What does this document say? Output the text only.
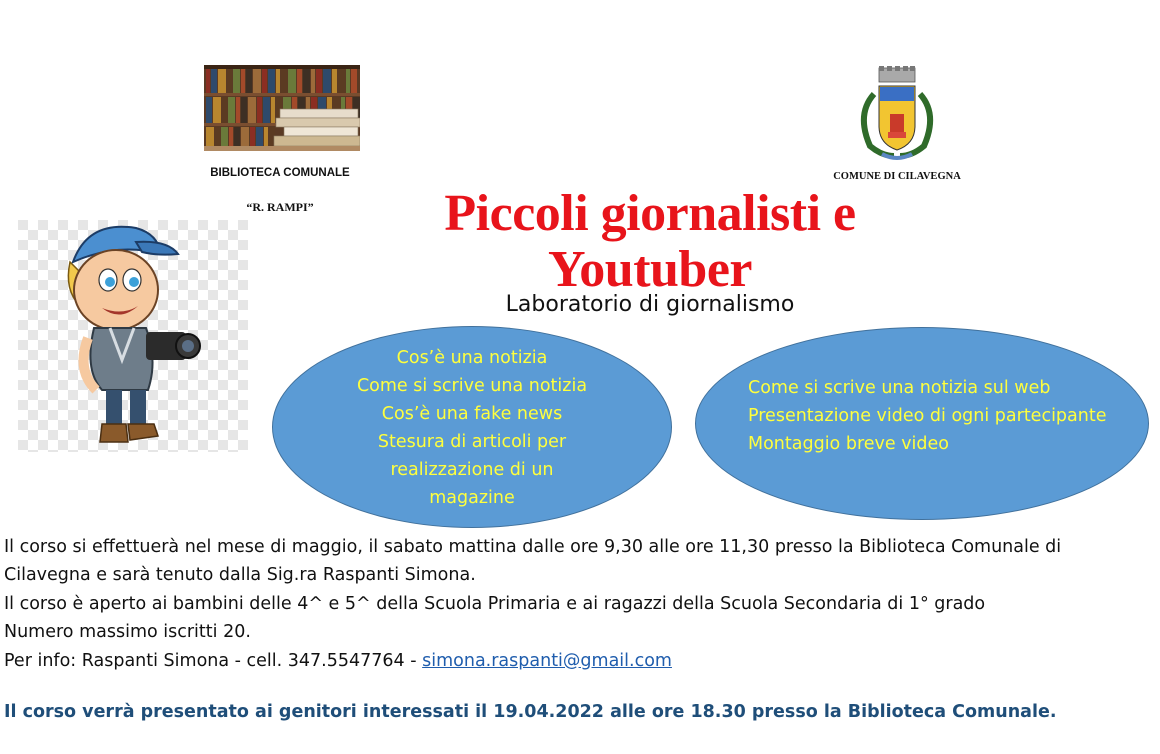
BIBLIOTECA COMUNALE
“R. RAMPI”
COMUNE DI CILAVEGNA
Piccoli giornalisti e
Youtuber
Laboratorio di giornalismo
Cos’è una notizia
Come si scrive una notizia
Cos’è una fake news
Stesura di articoli per
realizzazione di un
magazine
Come si scrive una notizia sul web
Presentazione video di ogni partecipante
Montaggio breve video

Il corso si effettuerà nel mese di maggio, il sabato mattina dalle ore 9,30 alle ore 11,30 presso la Biblioteca Comunale di

Cilavegna e sarà tenuto dalla Sig.ra Raspanti Simona.

Il corso è aperto ai bambini delle 4^ e 5^ della Scuola Primaria e ai ragazzi della Scuola Secondaria di 1° grado

Numero massimo iscritti 20.

Per info: Raspanti Simona - cell. 347.5547764 - simona.raspanti@gmail.com

Il corso verrà presentato ai genitori interessati il 19.04.2022 alle ore 18.30 presso la Biblioteca Comunale.
